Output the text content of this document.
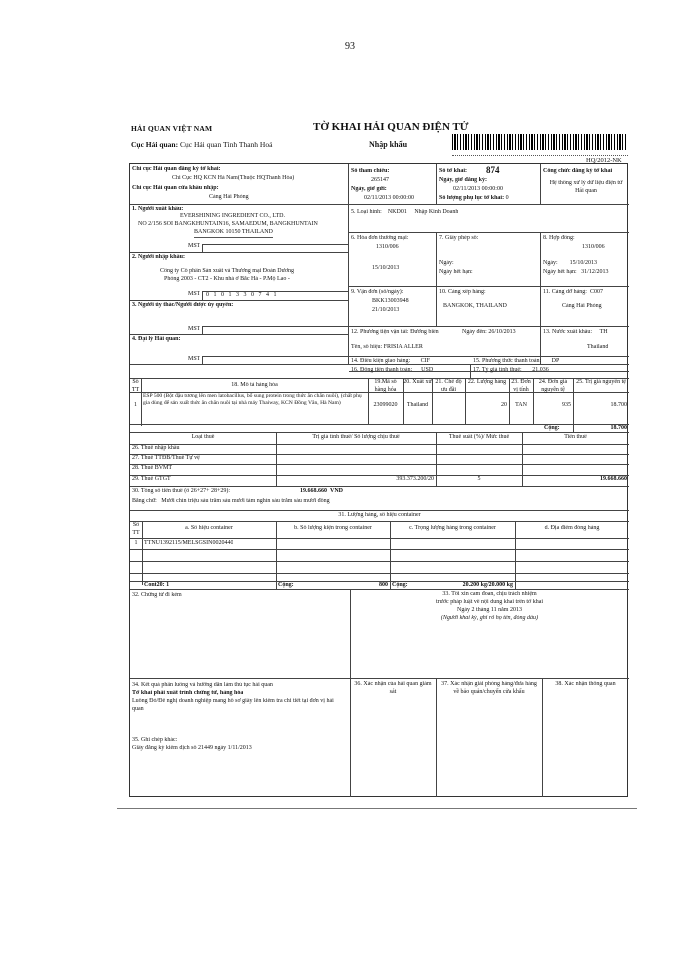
93
HẢI QUAN VIỆT NAM	TỜ KHAI HẢI QUAN ĐIỆN TỬ
Cục Hải quan: Cục Hải quan Tỉnh Thanh Hoá	Nhập khẩu
HQ/2012-NK
Chi cục Hải quan đăng ký tờ khai:
Chi Cục HQ KCN Hà Nam(Thuộc HQThanh Hóa)
Chi cục Hải quan cửa khẩu nhập:
Cảng Hải Phòng
Số tham chiếu:
265147
Ngày, giờ gửi:
02/11/2013 00:00:00
Số tờ khai: 874
Ngày, giờ đăng ký:
02/11/2013 00:00:00
Số lượng phụ lục tờ khai: 0
Công chức đăng ký tờ khai
Hệ thống xử lý dữ liệu điện tử Hải quan
1. Người xuất khẩu:
EVERSHINING INGREDIENT CO., LTD.
NO 2/156 SOI BANGKHUNTAIN16, SAMAEDUM, BANGKHUNTAIN
BANGKOK 10150 THAILAND
MST
2. Người nhập khẩu:
Công ty Cổ phần Sản xuất và Thương mại Đoàn Dương
Phòng 2003 - CT2 - Khu nhà ở Bắc Hà - P.Mộ Lao -
MST 0 1 0 1 3 3 0 7 4 1
3. Người ủy thác/Người được ủy quyền:
MST
4. Đại lý Hải quan:
MST
5. Loại hình: NKD01 Nhập Kinh Doanh
6. Hóa đơn thương mại:
1310/006
15/10/2013
7. Giấy phép số:
Ngày:
Ngày hết hạn:
8. Hợp đồng:
1310/006
Ngày: 15/10/2013
Ngày hết hạn: 31/12/2013
9. Vận đơn (số/ngày):
BKK13003948
21/10/2013
10. Cảng xếp hàng:
BANGKOK, THAILAND
11. Cảng dỡ hàng: C007
Cảng Hải Phòng
12. Phương tiện vận tải: Đường biển	Ngày đến: 26/10/2013
Tên, số hiệu: FRISIA ALLER
13. Nước xuất khẩu: TH
Thailand
14. Điều kiện giao hàng: CIF	15. Phương thức thanh toán: DP
16. Đồng tiền thanh toán: USD	17. Tỷ giá tính thuế: 21.036
Số TT
18. Mô tả hàng hóa	19.Mã số hàng hóa
20. Xuất xứ 21. Chế độ ưu đãi
22. Lượng hàng 23. Đơn vị tính
24. Đơn giá nguyên tệ
25. Trị giá nguyên tệ
1
ESP 500 (Bột đậu tương lên men latobacillus, bổ sung protein trong thức ăn chăn nuôi), (chất phụ gia dùng để sản xuất thức ăn chăn nuôi tại nhà máy Thaiway, KCN Đồng Văn, Hà Nam)	23099020	Thailand	20	TAN	935	18.700
Cộng:	18.700
Loại thuế	Trị giá tính thuế/ Số lượng chịu thuế	Thuế suất (%)/ Mức thuế	Tiền thuế
26. Thuế nhập khẩu
27. Thuế TTĐB/Thuế Tự vệ
28. Thuế BVMT
29. Thuế GTGT	393.373.200/20	5	19.668.660
30. Tổng số tiền thuế (ô 26+27+ 28+29):	19.668.660 VND
Bằng chữ: Mười chín triệu sáu trăm sáu mươi tám nghìn sáu trăm sáu mươi đồng
31. Lượng hàng, số hiệu container
Số TT
a. Số hiệu container	b. Số lượng kiện trong container	c. Trọng lượng hàng trong container	d. Địa điểm đóng hàng
1	TTNU1392115/MELSGSIN0020440
Cont20: 1	Cộng:	800 Cộng:	20.200 kg/20.000 kg
32. Chứng từ đi kèm	33. Tôi xin cam đoan, chịu trách nhiệm
trước pháp luật về nội dung khai trên tờ khai
Ngày 2 tháng 11 năm 2013
(Người khai ký, ghi rõ họ tên, đóng dấu)
34. Kết quả phân luồng và hướng dẫn làm thủ tục hải quan
Tờ khai phải xuất trình chứng từ, hàng hóa
Luồng Đỏ/Đề nghị doanh nghiệp mang hồ sơ giấy lên kiểm tra chi tiết tại đơn vị hải quan
35. Ghi chép khác:
Giấy đăng ký kiểm dịch số 21449 ngày 1/11/2013
36. Xác nhận của hải quan giám sát
37. Xác nhận giải phóng hàng/đưa hàng về bảo quản/chuyển cửa khẩu
38. Xác nhận thông quan
